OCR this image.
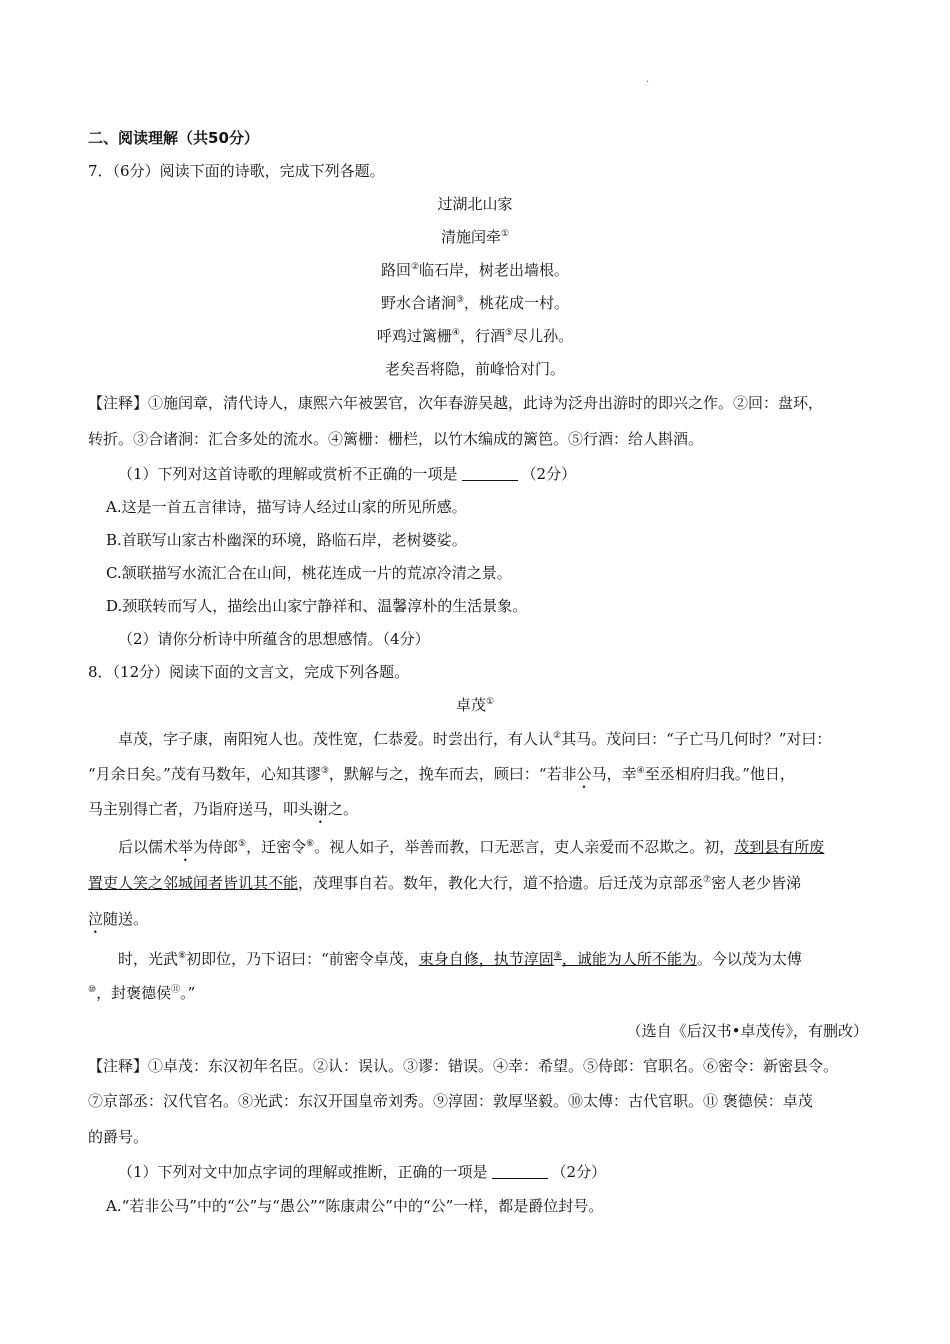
.
二、阅读理解（共50分）
7．（6分）阅读下面的诗歌，完成下列各题。
过湖北山家
清施闰牵①
路回②临石岸，树老出墙根。
野水合诸涧③，桃花成一村。
呼鸡过篱栅④，行酒⑤尽儿孙。
老矣吾将隐，前峰恰对门。
【注释】①施闰章，清代诗人，康熙六年被罢官，次年春游吴越，此诗为泛舟出游时的即兴之作。②回：盘环，
转折。③合诸涧：汇合多处的流水。④篱栅：栅栏，以竹木编成的篱笆。⑤行酒：给人斟酒。
（1）下列对这首诗歌的理解或赏析不正确的一项是	（2分）
A.这是一首五言律诗，描写诗人经过山家的所见所感。
B.首联写山家古朴幽深的环境，路临石岸，老树婆娑。
C.颔联描写水流汇合在山间，桃花连成一片的荒凉冷清之景。
D.颈联转而写人，描绘出山家宁静祥和、温馨淳朴的生活景象。
（2）请你分析诗中所蕴含的思想感情。（4分）
8．（12分）阅读下面的文言文，完成下列各题。
卓茂①
卓茂，字子康，南阳宛人也。茂性宽，仁恭爱。时尝出行，有人认②其马。茂问曰：“子亡马几何时？”对曰：
“月余日矣。”茂有马数年，心知其谬③，默解与之，挽车而去，顾曰：“若非公马，幸④至丞相府归我。”他日，
马主别得亡者，乃诣府送马，叩头谢之。
后以儒术举为侍郎⑤，迁密令⑥。视人如子，举善而教，口无恶言，吏人亲爱而不忍欺之。初，茂到县有所废
置吏人笑之邻城闻者皆讥其不能，茂理事自若。数年，教化大行，道不拾遗。后迁茂为京部丞⑦密人老少皆涕
泣随送。
时，光武⑧初即位，乃下诏曰：“前密令卓茂，束身自修，执节淳固⑨，诚能为人所不能为。今以茂为太傅
⑩，封褒德侯⑪。”
（选自《后汉书•卓茂传》，有删改）
【注释】①卓茂：东汉初年名臣。②认：误认。③谬：错误。④幸：希望。⑤侍郎：官职名。⑥密令：新密县令。
⑦京部丞：汉代官名。⑧光武：东汉开国皇帝刘秀。⑨淳固：敦厚坚毅。⑩太傅：古代官职。⑪ 褒德侯：卓茂
的爵号。
（1）下列对文中加点字词的理解或推断，正确的一项是	（2分）
A.“若非公马”中的“公”与“愚公”“陈康肃公”中的“公”一样，都是爵位封号。
